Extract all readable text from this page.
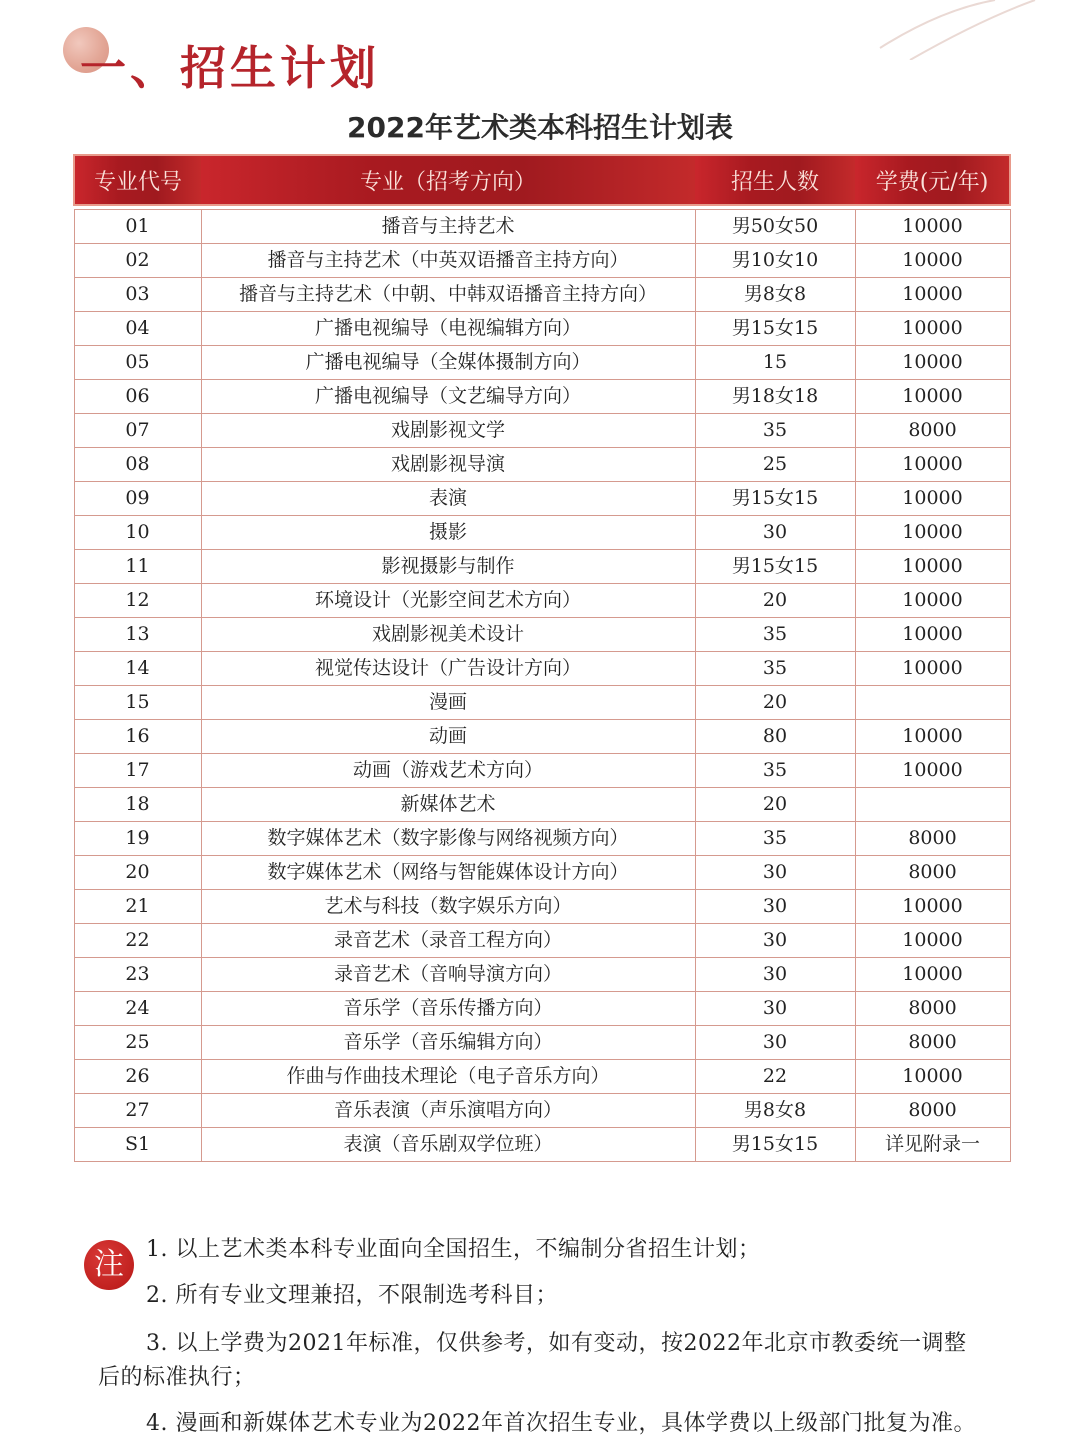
一、招生计划
2022年艺术类本科招生计划表
专业代号	专业（招考方向）	招生人数	学费(元/年)

01	播音与主持艺术	男50女50	10000
02	播音与主持艺术（中英双语播音主持方向）	男10女10	10000
03	播音与主持艺术（中朝、中韩双语播音主持方向）	男8女8	10000
04	广播电视编导（电视编辑方向）	男15女15	10000
05	广播电视编导（全媒体摄制方向）	15	10000
06	广播电视编导（文艺编导方向）	男18女18	10000
07	戏剧影视文学	35	8000
08	戏剧影视导演	25	10000
09	表演	男15女15	10000
10	摄影	30	10000
11	影视摄影与制作	男15女15	10000
12	环境设计（光影空间艺术方向）	20	10000
13	戏剧影视美术设计	35	10000
14	视觉传达设计（广告设计方向）	35	10000
15	漫画	20	
16	动画	80	10000
17	动画（游戏艺术方向）	35	10000
18	新媒体艺术	20	
19	数字媒体艺术（数字影像与网络视频方向）	35	8000
20	数字媒体艺术（网络与智能媒体设计方向）	30	8000
21	艺术与科技（数字娱乐方向）	30	10000
22	录音艺术（录音工程方向）	30	10000
23	录音艺术（音响导演方向）	30	10000
24	音乐学（音乐传播方向）	30	8000
25	音乐学（音乐编辑方向）	30	8000
26	作曲与作曲技术理论（电子音乐方向）	22	10000
27	音乐表演（声乐演唱方向）	男8女8	8000
S1	表演（音乐剧双学位班）	男15女15	详见附录一
注	1. 以上艺术类本科专业面向全国招生，不编制分省招生计划；

2. 所有专业文理兼招，不限制选考科目；

3. 以上学费为2021年标准，仅供参考，如有变动，按2022年北京市教委统一调整

后的标准执行；

4. 漫画和新媒体艺术专业为2022年首次招生专业，具体学费以上级部门批复为准。
